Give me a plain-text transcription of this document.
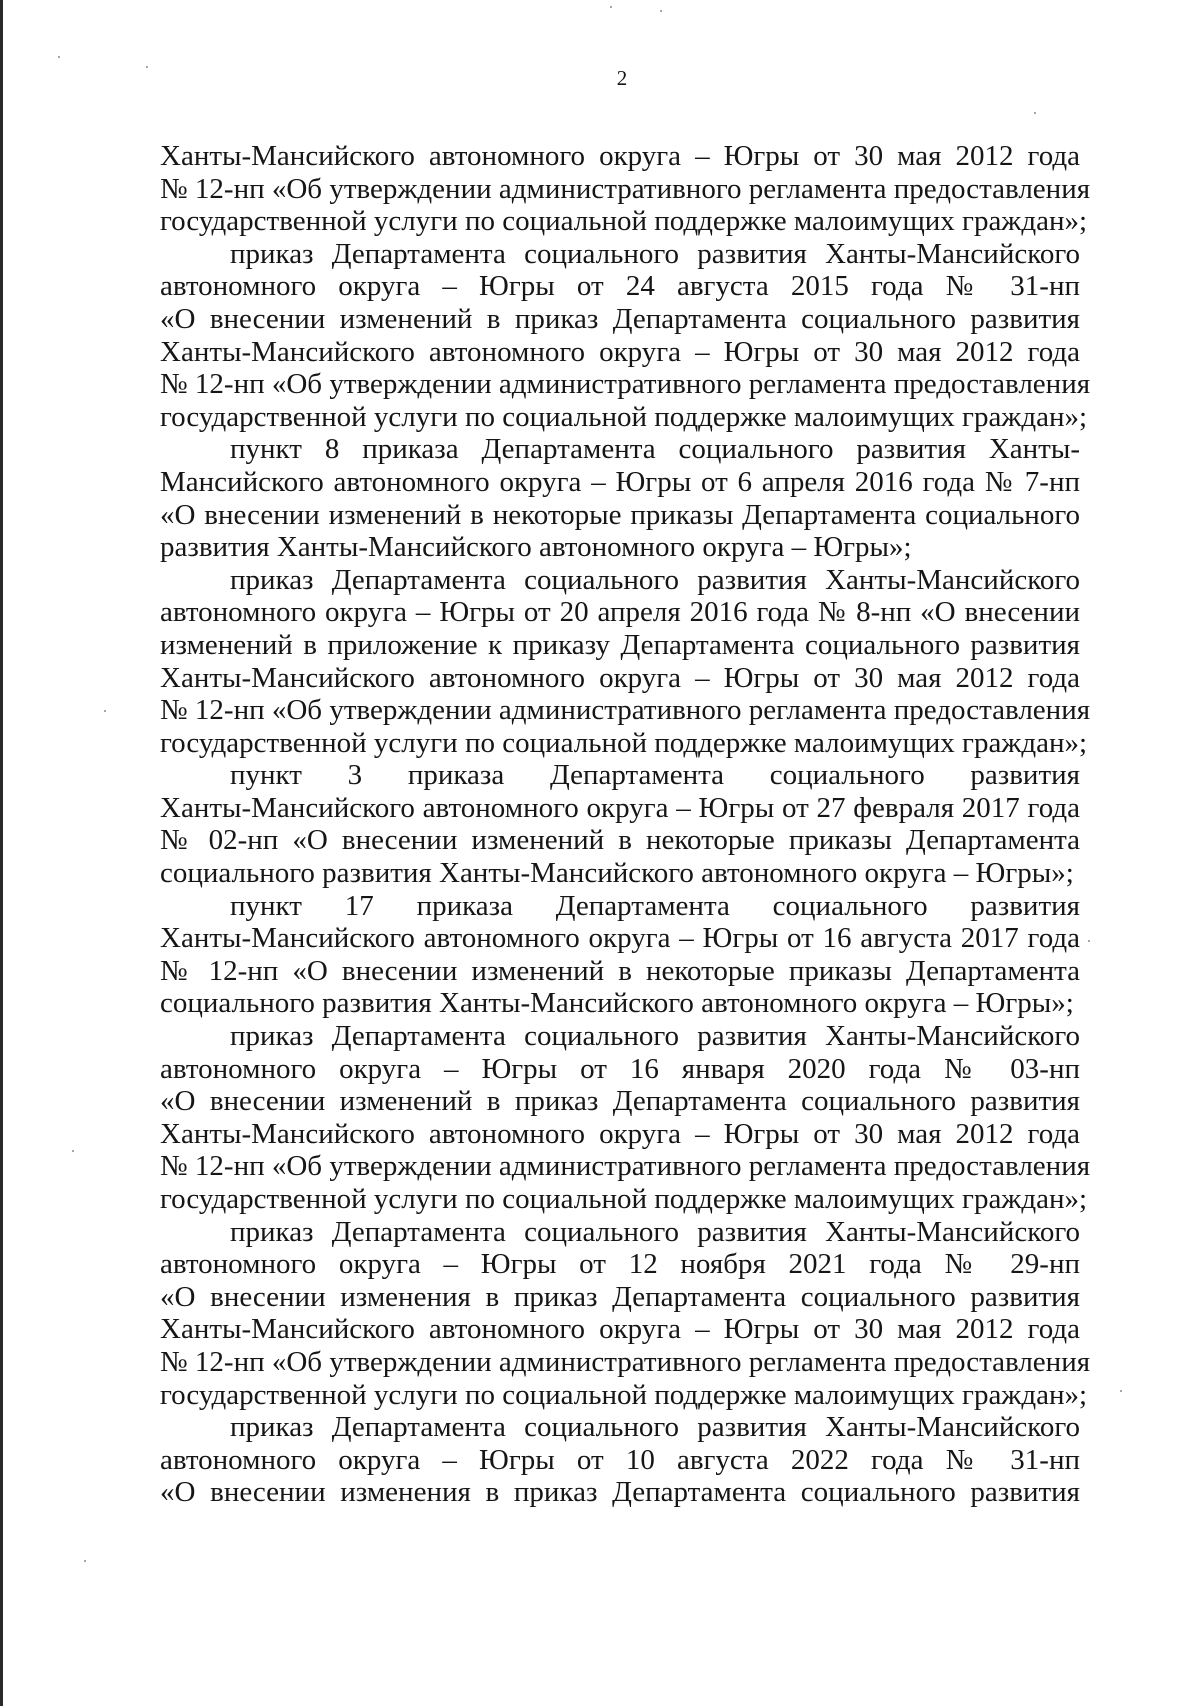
2
Ханты-Мансийского автономного округа – Югры от 30 мая 2012 года
№ 12-нп «Об утверждении административного регламента предоставления
государственной услуги по социальной поддержке малоимущих граждан»;
приказ Департамента социального развития Ханты-Мансийского
автономного округа – Югры от 24 августа 2015 года № 31-нп
«О внесении изменений в приказ Департамента социального развития
Ханты-Мансийского автономного округа – Югры от 30 мая 2012 года
№ 12-нп «Об утверждении административного регламента предоставления
государственной услуги по социальной поддержке малоимущих граждан»;
пункт 8 приказа Департамента социального развития Ханты-
Мансийского автономного округа – Югры от 6 апреля 2016 года № 7-нп
«О внесении изменений в некоторые приказы Департамента социального
развития Ханты-Мансийского автономного округа – Югры»;
приказ Департамента социального развития Ханты-Мансийского
автономного округа – Югры от 20 апреля 2016 года № 8-нп «О внесении
изменений в приложение к приказу Департамента социального развития
Ханты-Мансийского автономного округа – Югры от 30 мая 2012 года
№ 12-нп «Об утверждении административного регламента предоставления
государственной услуги по социальной поддержке малоимущих граждан»;
пункт 3 приказа Департамента социального развития
Ханты-Мансийского автономного округа – Югры от 27 февраля 2017 года
№ 02-нп «О внесении изменений в некоторые приказы Департамента
социального развития Ханты-Мансийского автономного округа – Югры»;
пункт 17 приказа Департамента социального развития
Ханты-Мансийского автономного округа – Югры от 16 августа 2017 года
№ 12-нп «О внесении изменений в некоторые приказы Департамента
социального развития Ханты-Мансийского автономного округа – Югры»;
приказ Департамента социального развития Ханты-Мансийского
автономного округа – Югры от 16 января 2020 года № 03-нп
«О внесении изменений в приказ Департамента социального развития
Ханты-Мансийского автономного округа – Югры от 30 мая 2012 года
№ 12-нп «Об утверждении административного регламента предоставления
государственной услуги по социальной поддержке малоимущих граждан»;
приказ Департамента социального развития Ханты-Мансийского
автономного округа – Югры от 12 ноября 2021 года № 29-нп
«О внесении изменения в приказ Департамента социального развития
Ханты-Мансийского автономного округа – Югры от 30 мая 2012 года
№ 12-нп «Об утверждении административного регламента предоставления
государственной услуги по социальной поддержке малоимущих граждан»;
приказ Департамента социального развития Ханты-Мансийского
автономного округа – Югры от 10 августа 2022 года № 31-нп
«О внесении изменения в приказ Департамента социального развития
